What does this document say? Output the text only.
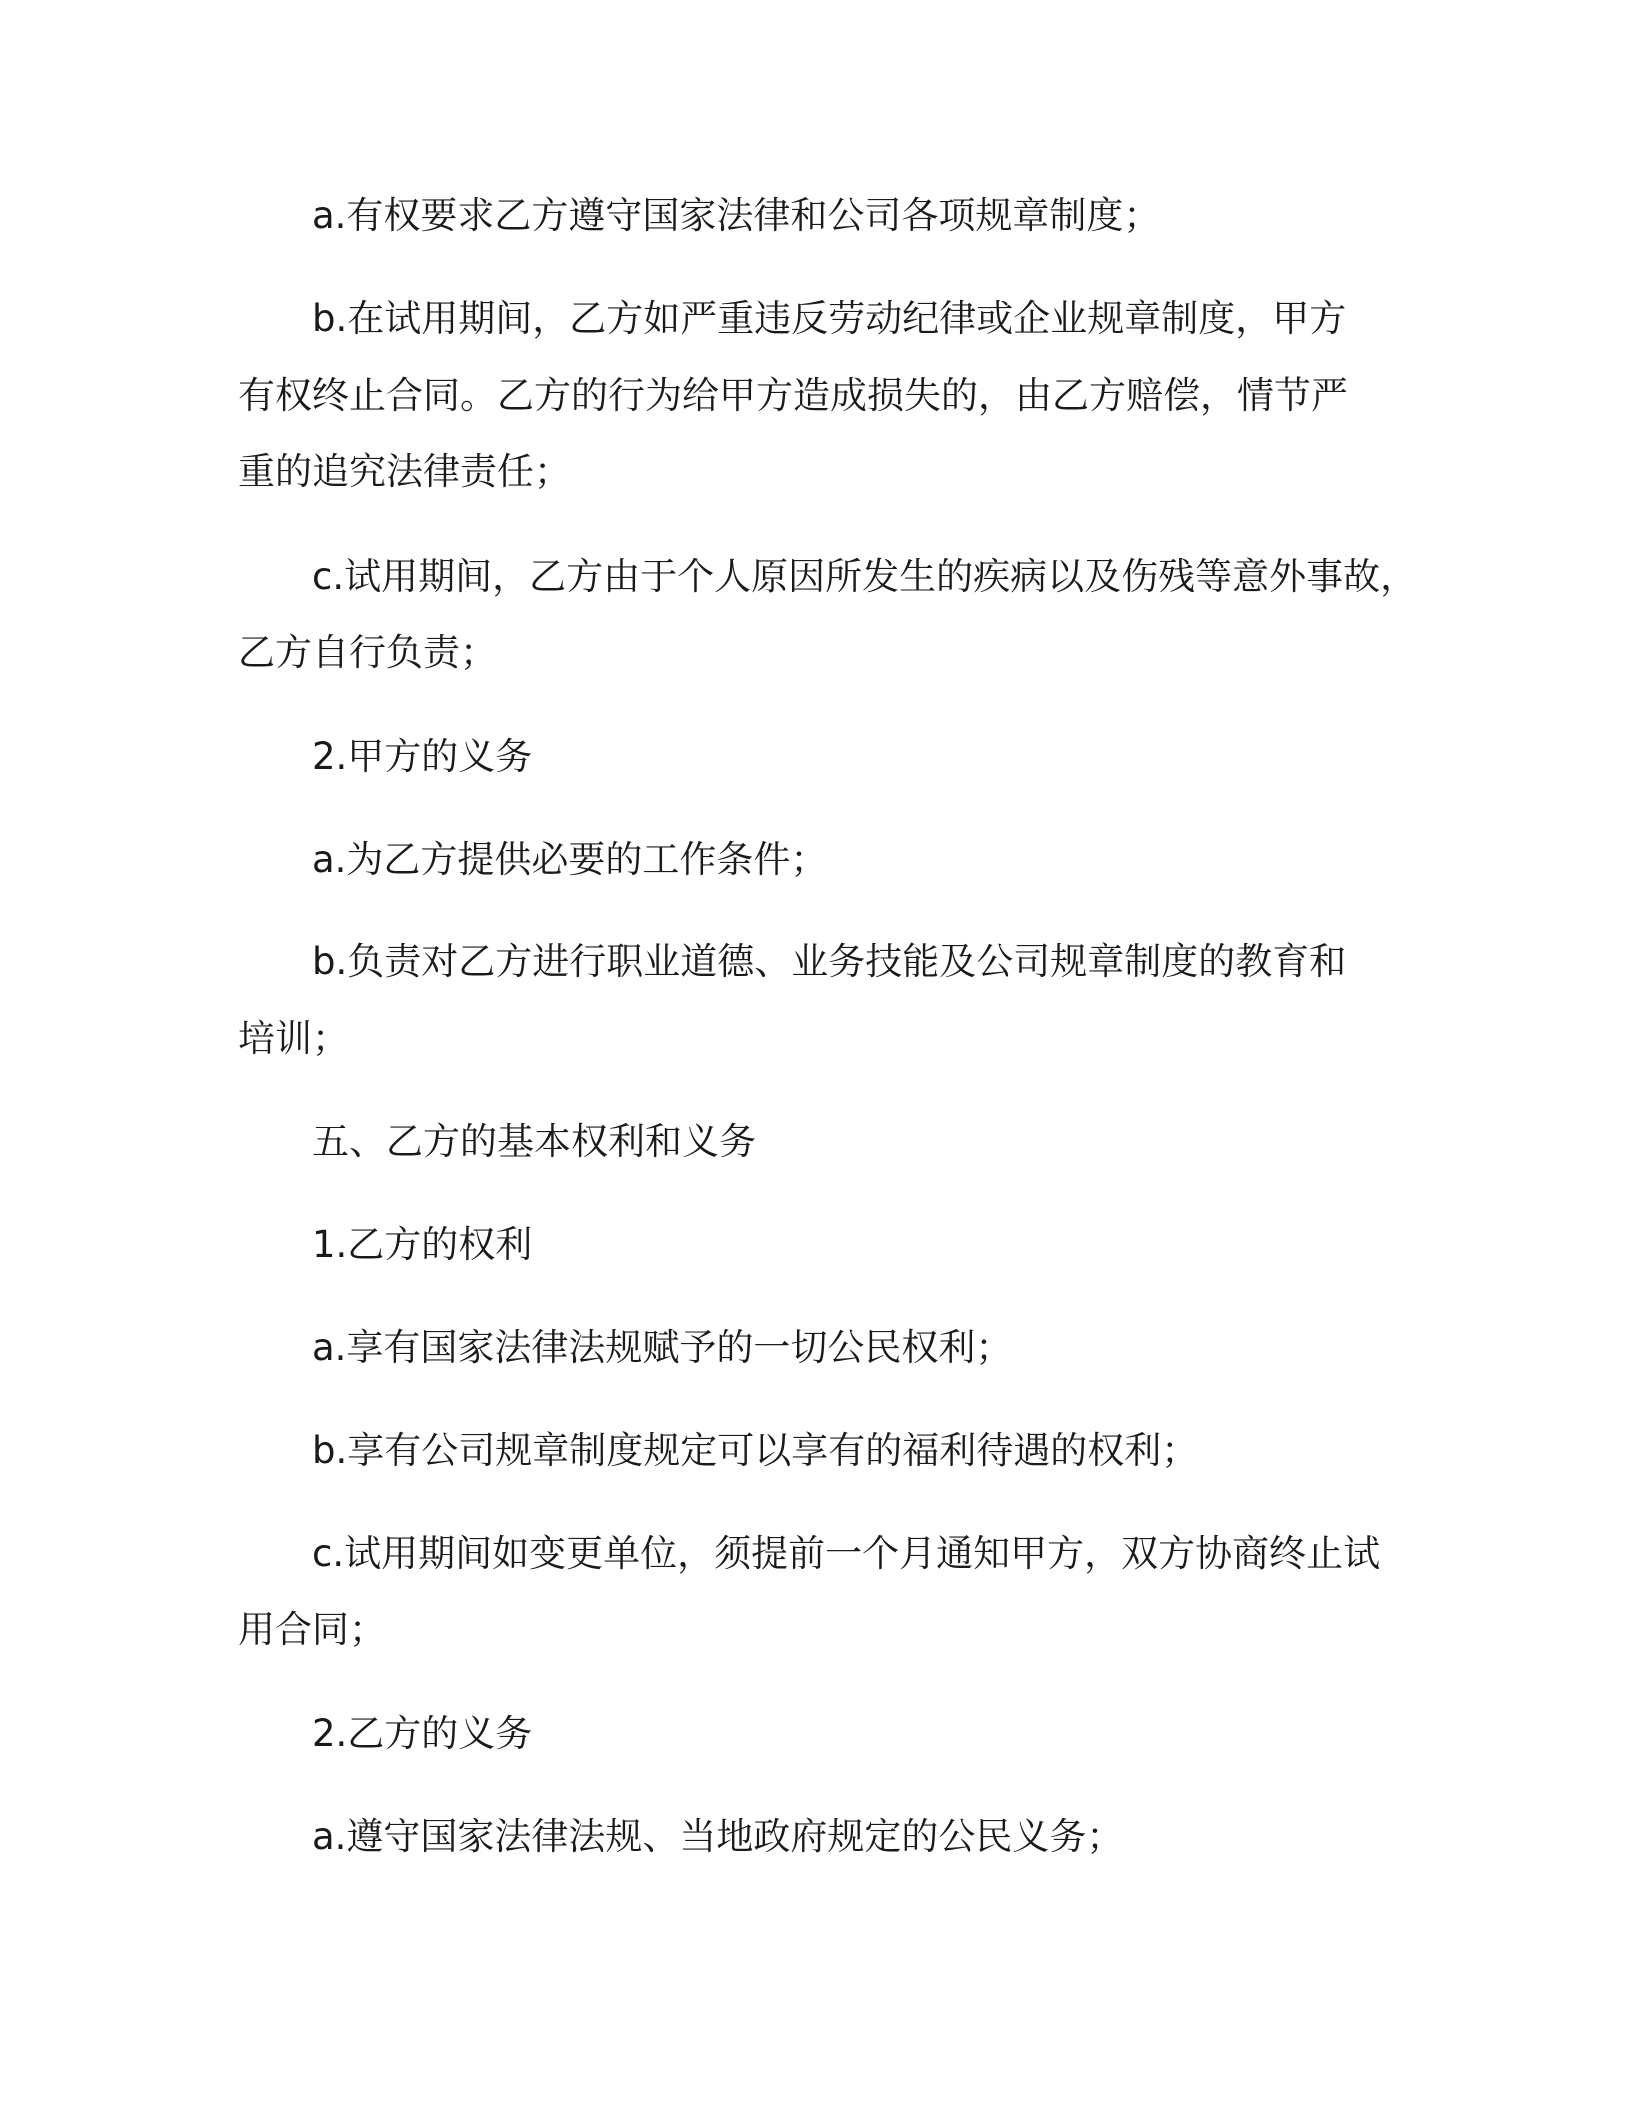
a.有权要求乙方遵守国家法律和公司各项规章制度；
b.在试用期间，乙方如严重违反劳动纪律或企业规章制度，甲方
有权终止合同。乙方的行为给甲方造成损失的，由乙方赔偿，情节严
重的追究法律责任；
c.试用期间，乙方由于个人原因所发生的疾病以及伤残等意外事故，
乙方自行负责；
2.甲方的义务
a.为乙方提供必要的工作条件；
b.负责对乙方进行职业道德、业务技能及公司规章制度的教育和
培训；
五、乙方的基本权利和义务
1.乙方的权利
a.享有国家法律法规赋予的一切公民权利；
b.享有公司规章制度规定可以享有的福利待遇的权利；
c.试用期间如变更单位，须提前一个月通知甲方，双方协商终止试
用合同；
2.乙方的义务
a.遵守国家法律法规、当地政府规定的公民义务；
